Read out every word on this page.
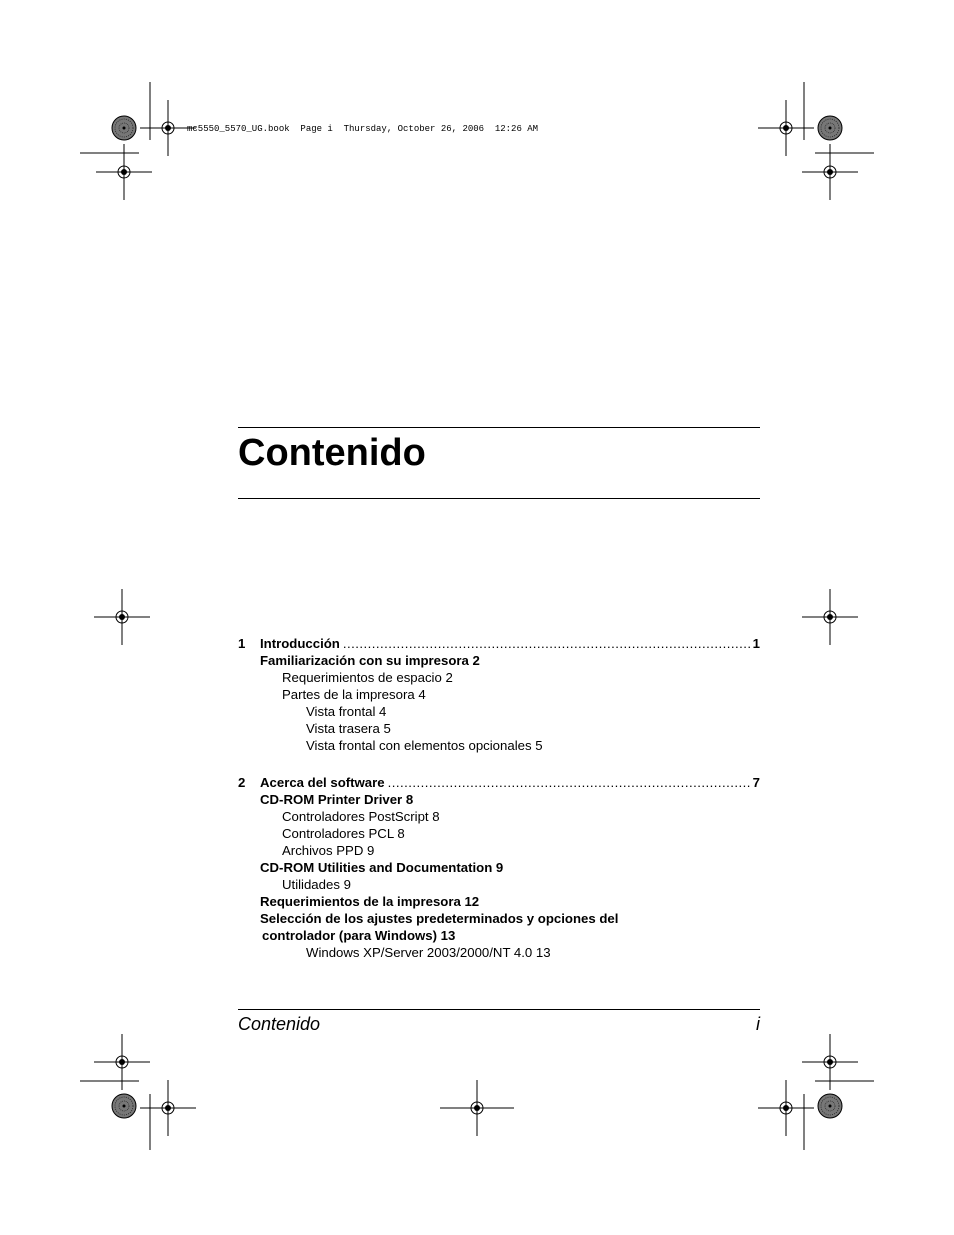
mc5550_5570_UG.book  Page i  Thursday, October 26, 2006  12:26 AM
Contenido
1 Introducción . . .	1
Familiarización con su impresora 2
Requerimientos de espacio 2
Partes de la impresora 4
Vista frontal 4
Vista trasera 5
Vista frontal con elementos opcionales 5
2 Acerca del software . . .	7
CD-ROM Printer Driver 8
Controladores PostScript 8
Controladores PCL 8
Archivos PPD 9
CD-ROM Utilities and Documentation 9
Utilidades 9
Requerimientos de la impresora 12
Selección de los ajustes predeterminados y opciones del
controlador (para Windows) 13
Windows XP/Server 2003/2000/NT 4.0 13
Contenido	i
